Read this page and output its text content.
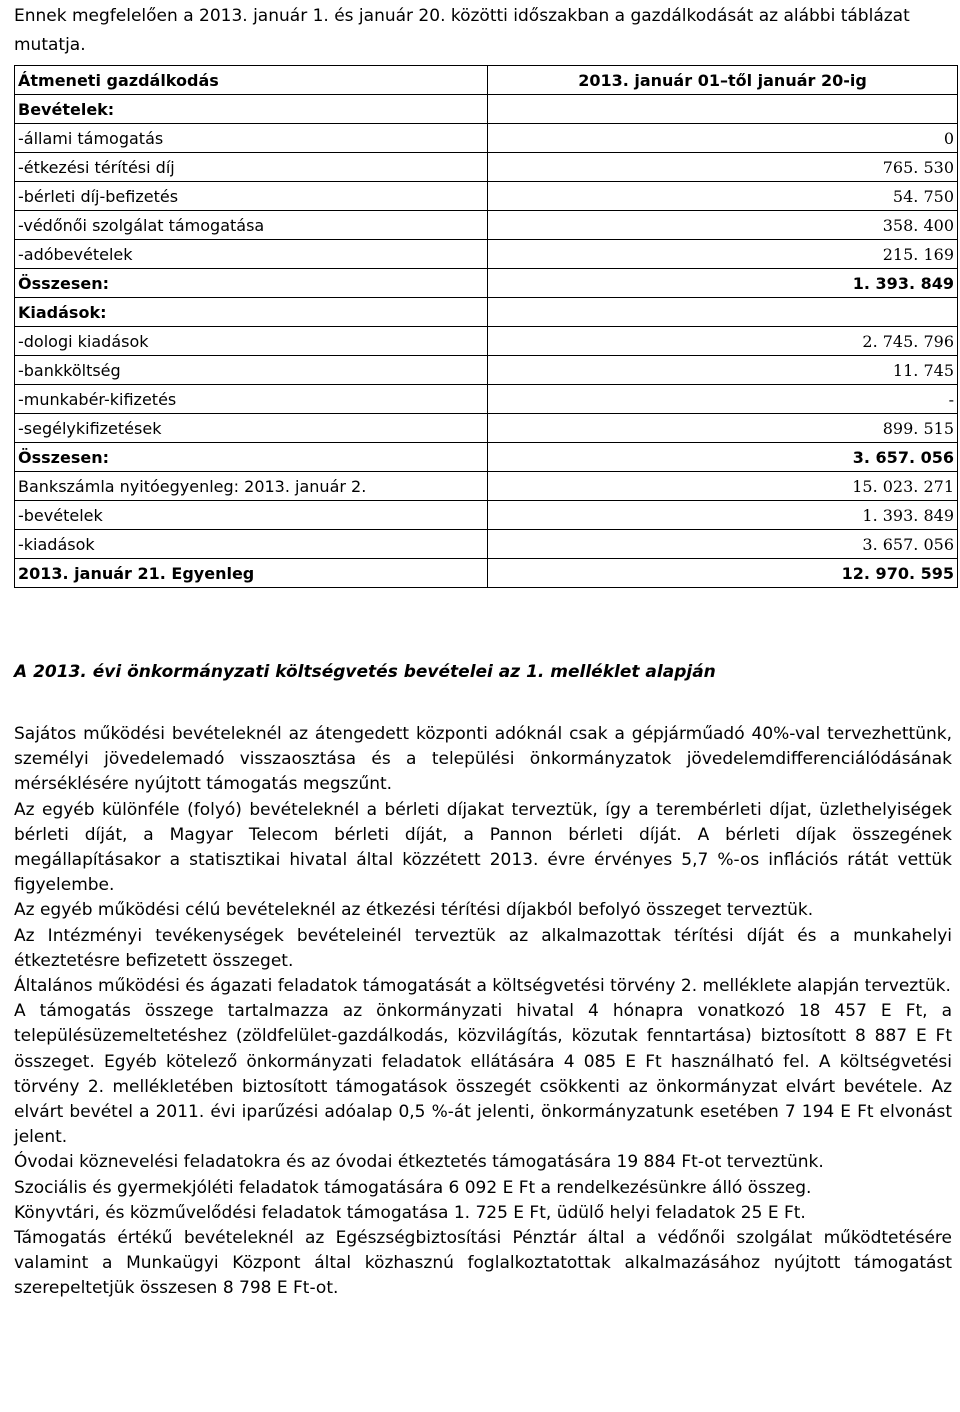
Ennek megfelelően a 2013. január 1. és január 20. közötti időszakban a gazdálkodását az alábbi táblázat mutatja.
Átmeneti gazdálkodás	2013. január 01–től január 20-ig
Bevételek:	
-állami támogatás	0
-étkezési térítési díj	765. 530
-bérleti díj-befizetés	54. 750
-védőnői szolgálat támogatása	358. 400
-adóbevételek	215. 169
Összesen:	1. 393. 849
Kiadások:	
-dologi kiadások	2. 745. 796
-bankköltség	11. 745
-munkabér-kifizetés	-
-segélykifizetések	899. 515
Összesen:	3. 657. 056
Bankszámla nyitóegyenleg: 2013. január 2.	15. 023. 271
-bevételek	1. 393. 849
-kiadások	3. 657. 056
2013. január 21. Egyenleg	12. 970. 595
A 2013. évi önkormányzati költségvetés bevételei az 1. melléklet alapján

Sajátos működési bevételeknél az átengedett központi adóknál csak a gépjárműadó 40%-val tervezhettünk, személyi jövedelemadó visszaosztása és a települési önkormányzatok jövedelemdifferenciálódásának mérséklésére nyújtott támogatás megszűnt.

Az egyéb különféle (folyó) bevételeknél a bérleti díjakat terveztük, így a terembérleti díjat, üzlethelyiségek bérleti díját, a Magyar Telecom bérleti díját, a Pannon bérleti díját. A bérleti díjak összegének megállapításakor a statisztikai hivatal által közzétett 2013. évre érvényes 5,7 %-os inflációs rátát vettük figyelembe.

Az egyéb működési célú bevételeknél az étkezési térítési díjakból befolyó összeget terveztük.

Az Intézményi tevékenységek bevételeinél terveztük az alkalmazottak térítési díját és a munkahelyi étkeztetésre befizetett összeget.

Általános működési és ágazati feladatok támogatását a költségvetési törvény 2. melléklete alapján terveztük.

A támogatás összege tartalmazza az önkormányzati hivatal 4 hónapra vonatkozó 18 457 E Ft, a településüzemeltetéshez (zöldfelület-gazdálkodás, közvilágítás, közutak fenntartása) biztosított 8 887 E Ft összeget. Egyéb kötelező önkormányzati feladatok ellátására 4 085 E Ft használható fel. A költségvetési törvény 2. mellékletében biztosított támogatások összegét csökkenti az önkormányzat elvárt bevétele. Az elvárt bevétel a 2011. évi iparűzési adóalap 0,5 %-át jelenti, önkormányzatunk esetében 7 194 E Ft elvonást jelent.

Óvodai köznevelési feladatokra és az óvodai étkeztetés támogatására 19 884 Ft-ot terveztünk.

Szociális és gyermekjóléti feladatok támogatására 6 092 E Ft a rendelkezésünkre álló összeg.

Könyvtári, és közművelődési feladatok támogatása 1. 725 E Ft, üdülő helyi feladatok 25 E Ft.

Támogatás értékű bevételeknél az Egészségbiztosítási Pénztár által a védőnői szolgálat működtetésére valamint a Munkaügyi Központ által közhasznú foglalkoztatottak alkalmazásához nyújtott támogatást szerepeltetjük összesen 8 798 E Ft-ot.
